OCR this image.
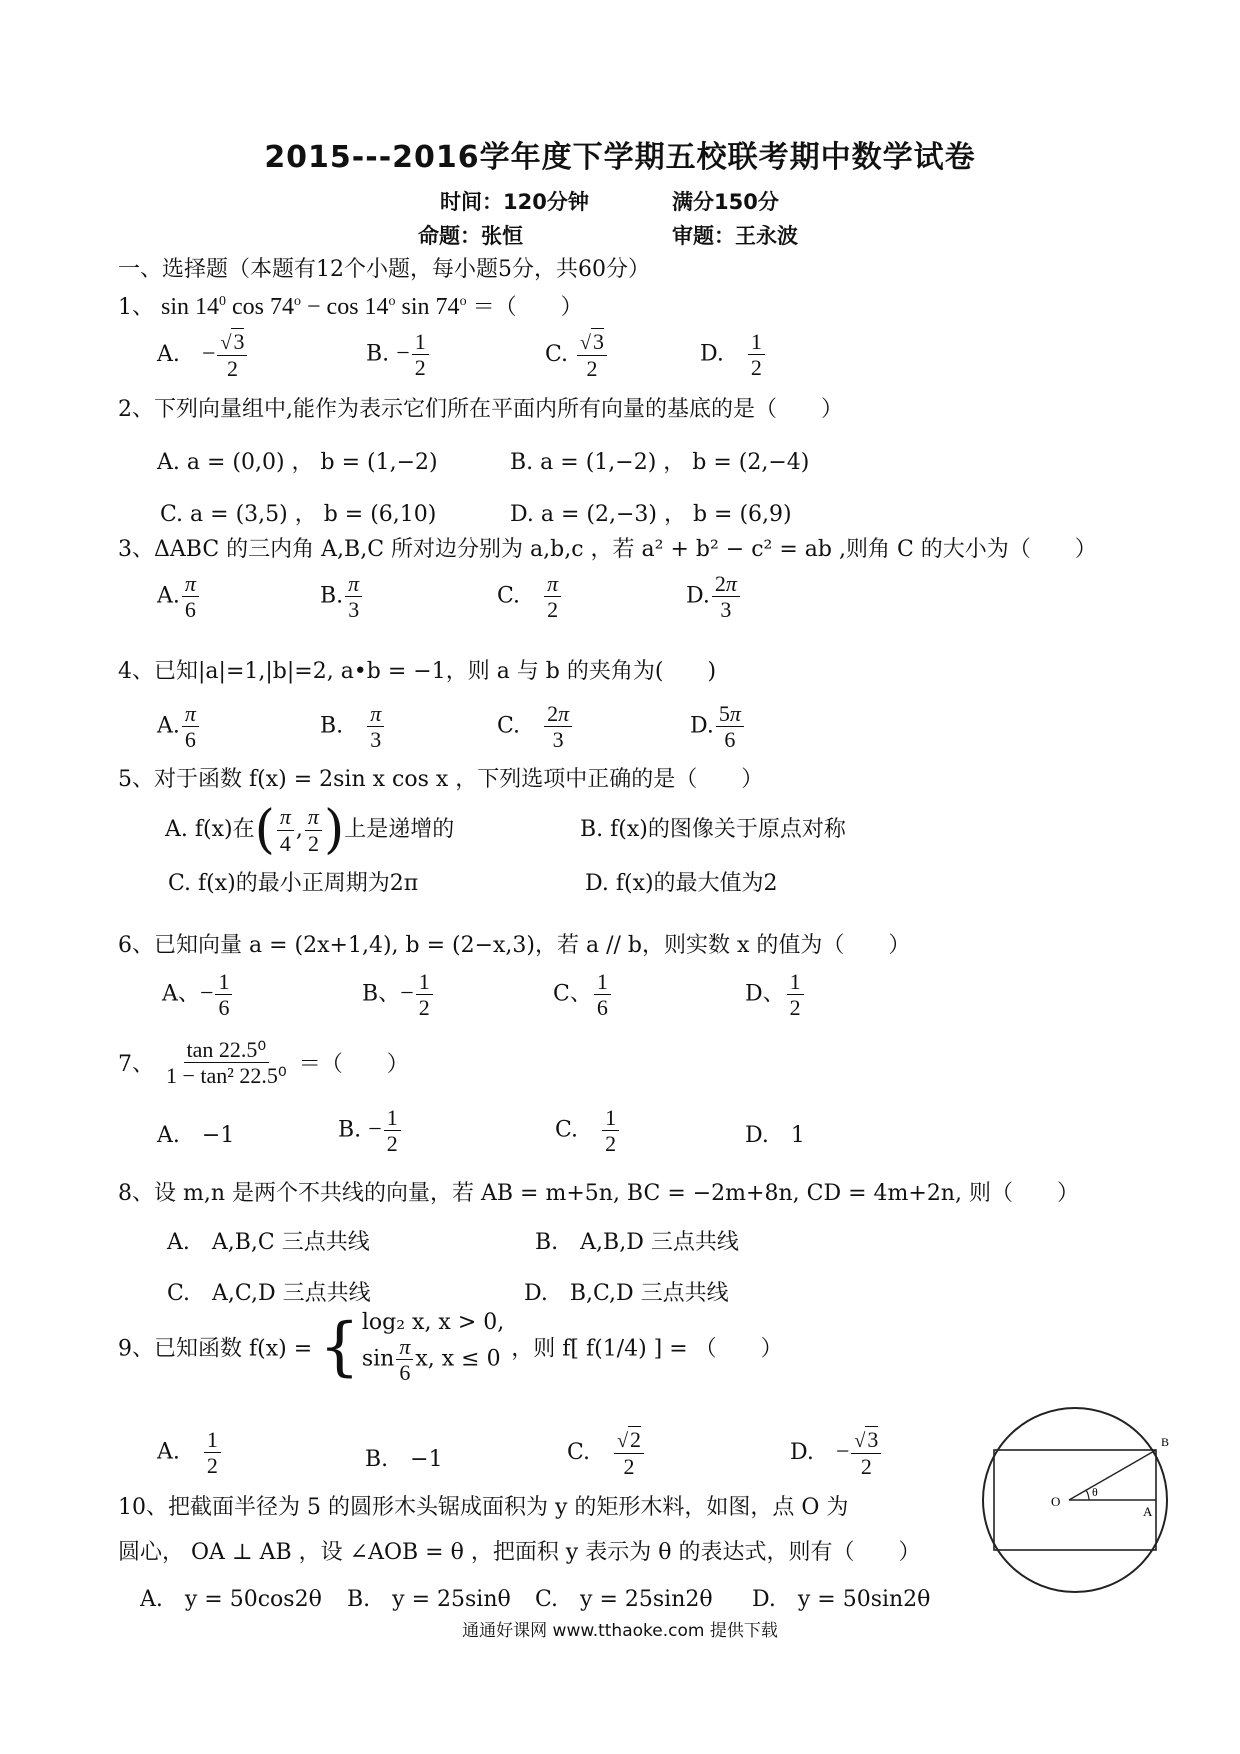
2015---2016学年度下学期五校联考期中数学试卷
时间：120分钟	满分150分
命题：张恒	审题：王永波
一、选择题（本题有12个小题，每小题5分，共60分）
1、 $\sin 14^0$ $\cos 74^o - \cos 14^o$ $\sin 74^o$ ＝（　　）
A.　 − $\frac{√3}{2}$	B. − $\frac{1}{2}$	C. $\frac{√3}{2}$	D.　 $\frac{1}{2}$
2、下列向量组中,能作为表示它们所在平面内所有向量的基底的是（　　）
A. a = (0,0) ， b = (1,−2)	B. a = (1,−2) ， b = (2,−4)
C. a = (3,5) ， b = (6,10)	D. a = (2,−3) ， b = (6,9)
3、ΔABC 的三内角 A,B,C 所对边分别为 a,b,c ，若 a² + b² − c² = ab ,则角 C 的大小为（　　）
A. $\frac{\pi}{6}$	B. $\frac{\pi}{3}$	C.　 $\frac{\pi}{2}$	D. $\frac{2\pi}{3}$
4、已知|a|=1,|b|=2, a•b = −1，则 a 与 b 的夹角为(　　)
A. $\frac{\pi}{6}$	B.　 $\frac{\pi}{3}$	C.　 $\frac{2\pi}{3}$	D. $\frac{5\pi}{6}$
5、对于函数 f(x) = 2sin x cos x ，下列选项中正确的是（　　）
A. f(x)在( $\frac{\pi}{4}$ , $\frac{\pi}{2}$ )上是递增的	B. f(x)的图像关于原点对称
C. f(x)的最小正周期为2π	D. f(x)的最大值为2
6、已知向量 a = (2x+1,4), b = (2−x,3)，若 a // b，则实数 x 的值为（　　）
A、− $\frac{1}{6}$	B、− $\frac{1}{2}$	C、 $\frac{1}{6}$	D、 $\frac{1}{2}$
7、 $\frac{\text{tan 22.5⁰}}{\text{1 − tan² 22.5⁰}}$ ＝（　　）
A.　−1	B. − $\frac{1}{2}$	C.　 $\frac{1}{2}$	D.　1
8、设 m,n 是两个不共线的向量，若 AB = m+5n, BC = −2m+8n, CD = 4m+2n, 则（　　）
A.　A,B,C 三点共线	B.　A,B,D 三点共线
C.　A,C,D 三点共线	D.　B,C,D 三点共线
9、已知函数 f(x) = { log₂ x, x > 0,
$\sin \frac{\pi}{6} x$, x ≤ 0 ，则 f[ f(1/4) ] = （　　）
A.　 $\frac{1}{2}$	B.　−1	C.　 $\frac{√2}{2}$	D.　 − $\frac{√3}{2}$
10、把截面半径为 5 的圆形木头锯成面积为 y 的矩形木料，如图，点 O 为
圆心， OA ⊥ AB ，设 ∠AOB = θ ，把面积 y 表示为 θ 的表达式，则有（　　）
A.　y = 50cos2θ B.　y = 25sinθ C.　y = 25sin2θ D.　y = 50sin2θ
O
A
B
θ
通通好课网 www.tthaoke.com 提供下载
